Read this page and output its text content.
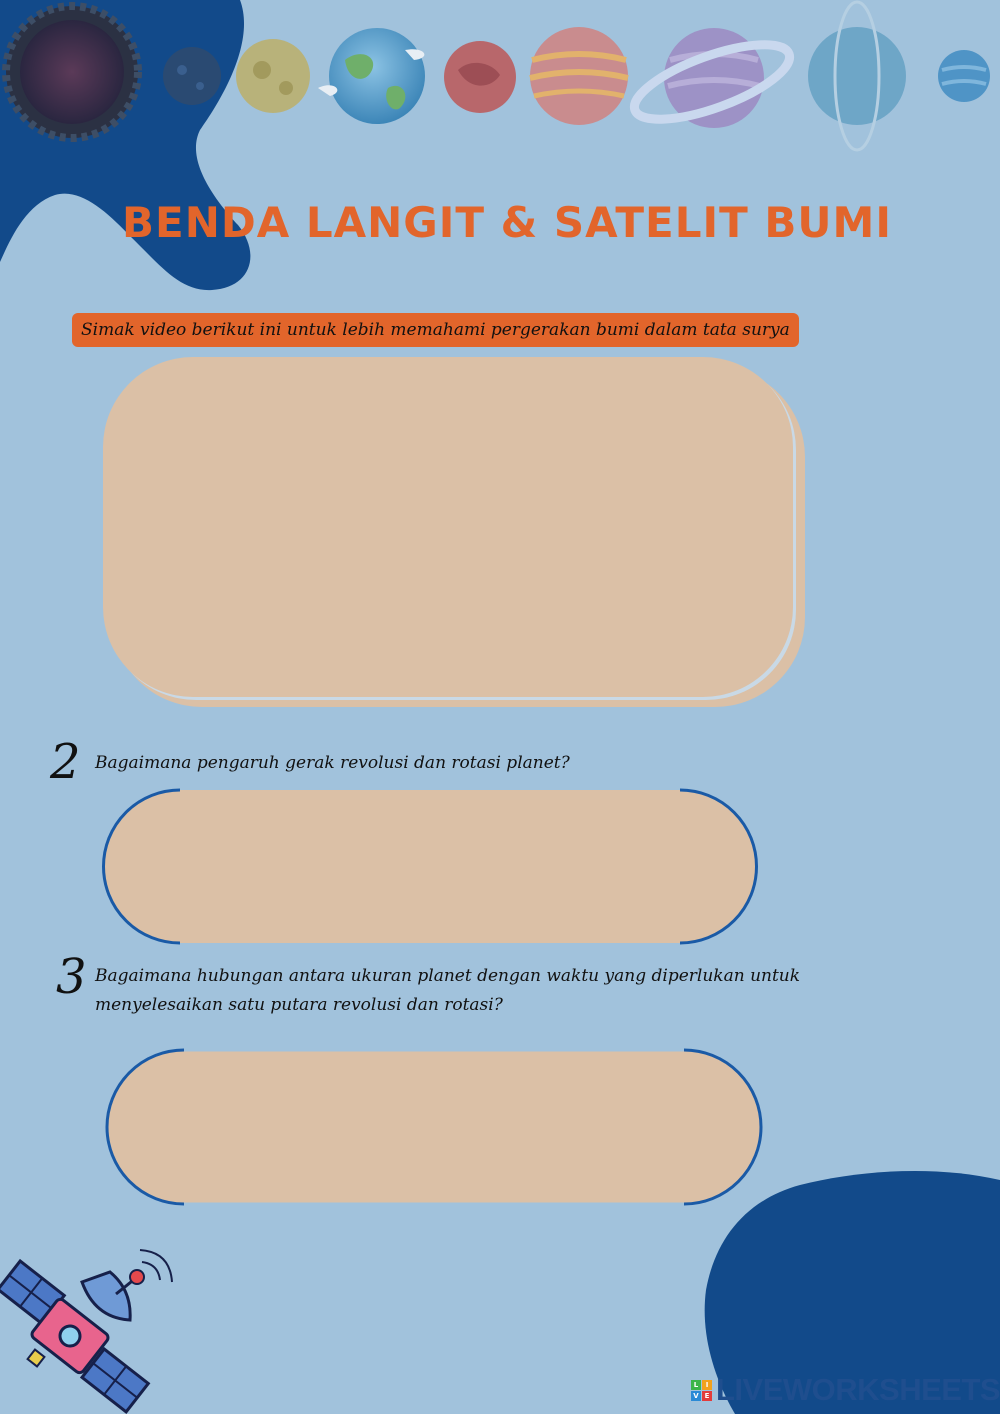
BENDA LANGIT & SATELIT BUMI
Simak video berikut ini untuk lebih memahami pergerakan bumi dalam tata surya
2 Bagaimana pengaruh gerak revolusi dan rotasi planet?
3 Bagaimana hubungan antara ukuran planet dengan waktu yang diperlukan untuk menyelesaikan satu putara revolusi dan rotasi?
L	I
V E LIVEWORKSHEETS
